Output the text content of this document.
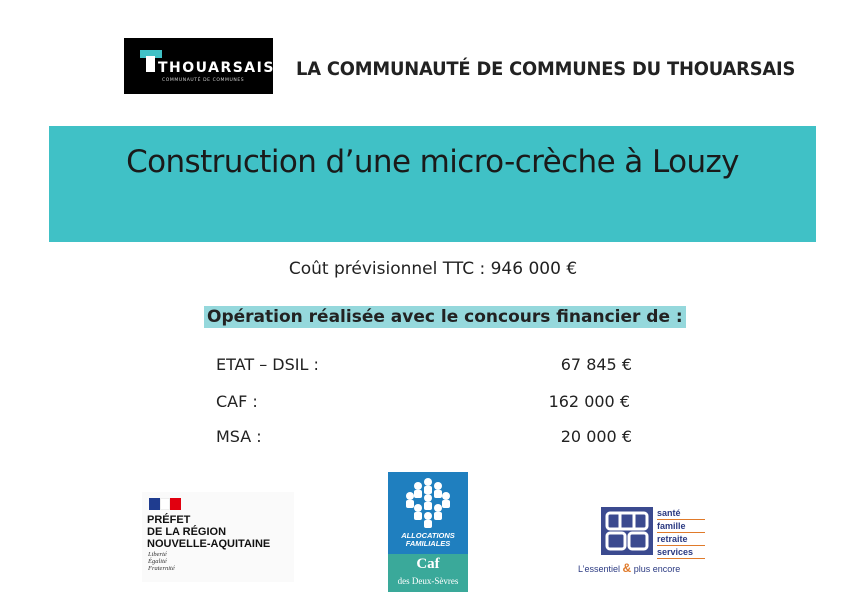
THOUARSAIS
COMMUNAUTÉ DE COMMUNES
LA COMMUNAUTÉ DE COMMUNES DU THOUARSAIS
Construction d’une micro-crèche à Louzy
Coût prévisionnel TTC : 946 000 €
Opération réalisée avec le concours financier de :
ETAT – DSIL :	67 845 €
CAF :	162 000 €
MSA :	20 000 €
PRÉFET
DE LA RÉGION
NOUVELLE-AQUITAINE
Liberté
Égalité
Fraternité
ALLOCATIONS
FAMILIALES
Caf
des Deux-Sèvres
santé
famille
retraite
services
L’essentiel & plus encore
